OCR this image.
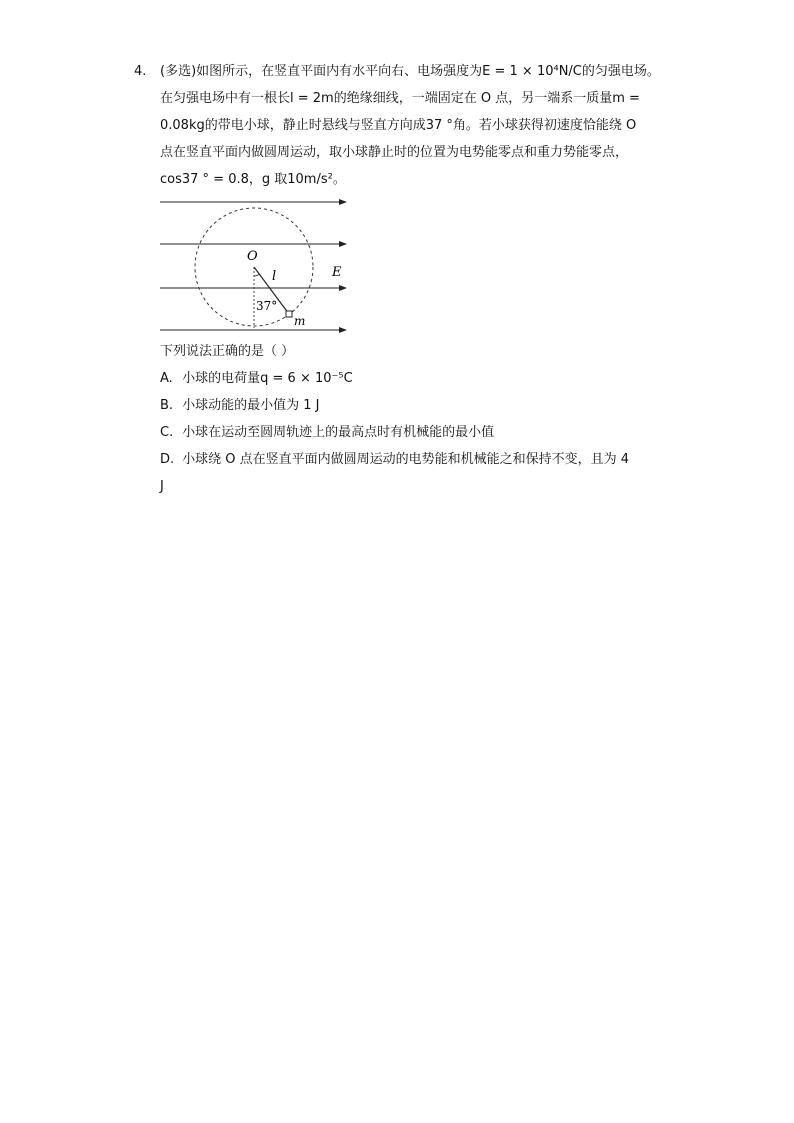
4. (多选)如图所示，在竖直平面内有水平向右、电场强度为E = 1 × 10⁴N/C的匀强电场。
在匀强电场中有一根长l = 2m的绝缘细线，一端固定在 O 点，另一端系一质量m =
0.08kg的带电小球，静止时悬线与竖直方向成37 °角。若小球获得初速度恰能绕 O
点在竖直平面内做圆周运动，取小球静止时的位置为电势能零点和重力势能零点，
cos37 ° = 0.8，g 取10m/s²。
O
l	E
37°
m
下列说法正确的是（ ）
A. 小球的电荷量q = 6 × 10⁻⁵C
B. 小球动能的最小值为 1 J
C. 小球在运动至圆周轨迹上的最高点时有机械能的最小值
D. 小球绕 O 点在竖直平面内做圆周运动的电势能和机械能之和保持不变，且为 4
J
